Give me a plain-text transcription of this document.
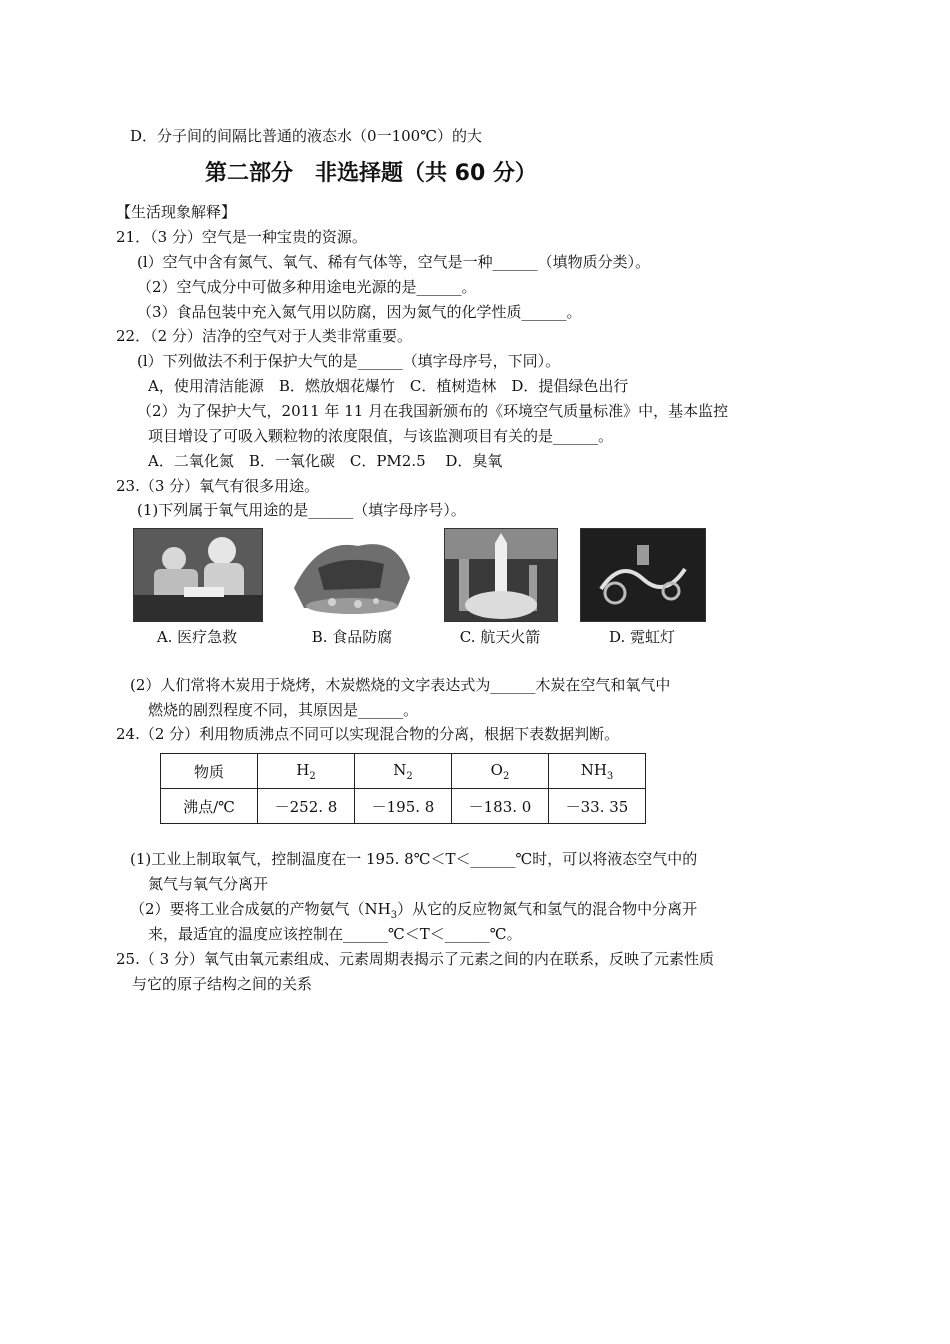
D．分子间的间隔比普通的液态水（0一100℃）的大
第二部分　非选择题（共 60 分）
【生活现象解释】
21．（3 分）空气是一种宝贵的资源。
(l）空气中含有氮气、氧气、稀有气体等，空气是一种______（填物质分类）。
（2）空气成分中可做多种用途电光源的是______。
（3）食品包装中充入氮气用以防腐，因为氮气的化学性质______。
22．（2 分）洁净的空气对于人类非常重要。
(l）下列做法不利于保护大气的是______（填字母序号，下同）。
A，使用清洁能源　B．燃放烟花爆竹　C．植树造林　D．提倡绿色出行
（2）为了保护大气，2011 年 11 月在我国新颁布的《环境空气质量标准》中，基本监控
项目增设了可吸入颗粒物的浓度限值，与该监测项目有关的是______。
A．二氧化氮　B．一氧化碳　C．PM2.5　 D．臭氧
23.（3 分）氧气有很多用途。
(1)下列属于氧气用途的是______（填字母序号）。
A. 医疗急救	B. 食品防腐	C. 航天火箭	D. 霓虹灯
(2）人们常将木炭用于烧烤，木炭燃烧的文字表达式为______木炭在空气和氧气中
燃烧的剧烈程度不同，其原因是______。
24.（2 分）利用物质沸点不同可以实现混合物的分离，根据下表数据判断。
物质	$H_2$	$N_2$	$O_2$	$NH_3$
沸点/℃	－252. 8	－195. 8	－183. 0	－33. 35
(1)工业上制取氧气，控制温度在一 195. 8℃＜T＜______℃时，可以将液态空气中的
氮气与氧气分离开
（2）要将工业合成氨的产物氨气$(NH_3)$从它的反应物氮气和氢气的混合物中分离开
来，最适宜的温度应该控制在______℃＜T＜______℃。
25.（ 3 分）氧气由氧元素组成、元素周期表揭示了元素之间的内在联系，反映了元素性质
与它的原子结构之间的关系
